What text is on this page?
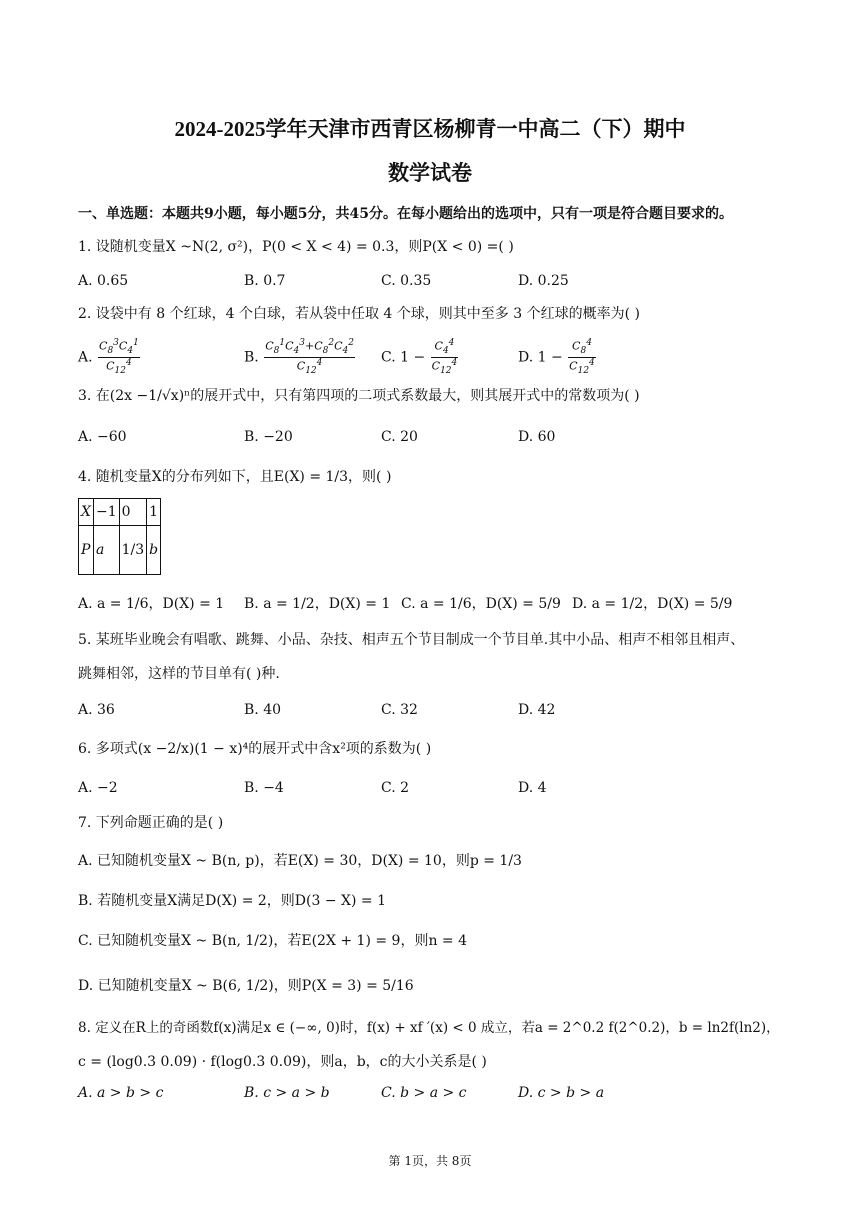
2024-2025学年天津市西青区杨柳青一中高二（下）期中
数学试卷
一、单选题：本题共9小题，每小题5分，共45分。在每小题给出的选项中，只有一项是符合题目要求的。
1. 设随机变量X ~N(2, σ²)，P(0 < X < 4) = 0.3，则P(X < 0) =( )
A. 0.65	B. 0.7	C. 0.35	D. 0.25
2. 设袋中有 8 个红球，4 个白球，若从袋中任取 4 个球，则其中至多 3 个红球的概率为( )
A. $\frac{C_8^3C_4^1}{C_{12}^4}$	B. $\frac{C_8^1C_4^3+C_8^2C_4^2}{C_{12}^4} C$. $1 - \frac{C_4^4}{C_{12}^4}$	D. $1 - \frac{C_8^4}{C_{12}^4}$
3. 在(2x −1/√x)ⁿ的展开式中，只有第四项的二项式系数最大，则其展开式中的常数项为( )
A. −60	B. −20	C. 20	D. 60
4. 随机变量X的分布列如下，且E(X) = 1/3，则( )
X	−1	0	1
P	a	1/3	b
A. a = 1/6，D(X) = 1 B. a = 1/2，D(X) = 1 C. a = 1/6，D(X) = 5/9 D. a = 1/2，D(X) = 5/9
5. 某班毕业晚会有唱歌、跳舞、小品、杂技、相声五个节目制成一个节目单.其中小品、相声不相邻且相声、
跳舞相邻，这样的节目单有( )种.
A. 36	B. 40	C. 32	D. 42
6. 多项式(x −2/x)(1 − x)⁴的展开式中含x²项的系数为( )
A. −2	B. −4	C. 2	D. 4
7. 下列命题正确的是( )
A. 已知随机变量X ~ B(n, p)，若E(X) = 30，D(X) = 10，则p = 1/3
B. 若随机变量X满足D(X) = 2，则D(3 − X) = 1
C. 已知随机变量X ~ B(n, 1/2)，若E(2X + 1) = 9，则n = 4
D. 已知随机变量X ~ B(6, 1/2)，则P(X = 3) = 5/16
8. 定义在R上的奇函数f(x)满足x ∈ (−∞, 0)时，f(x) + xf ′(x) < 0 成立，若a = 2^0.2 f(2^0.2)，b = ln2f(ln2)，
c = (log0.3 0.09) · f(log0.3 0.09)，则a，b，c的大小关系是( )
A. a > b > c	B. c > a > b	C. b > a > c	D. c > b > a
第 1页，共 8页
